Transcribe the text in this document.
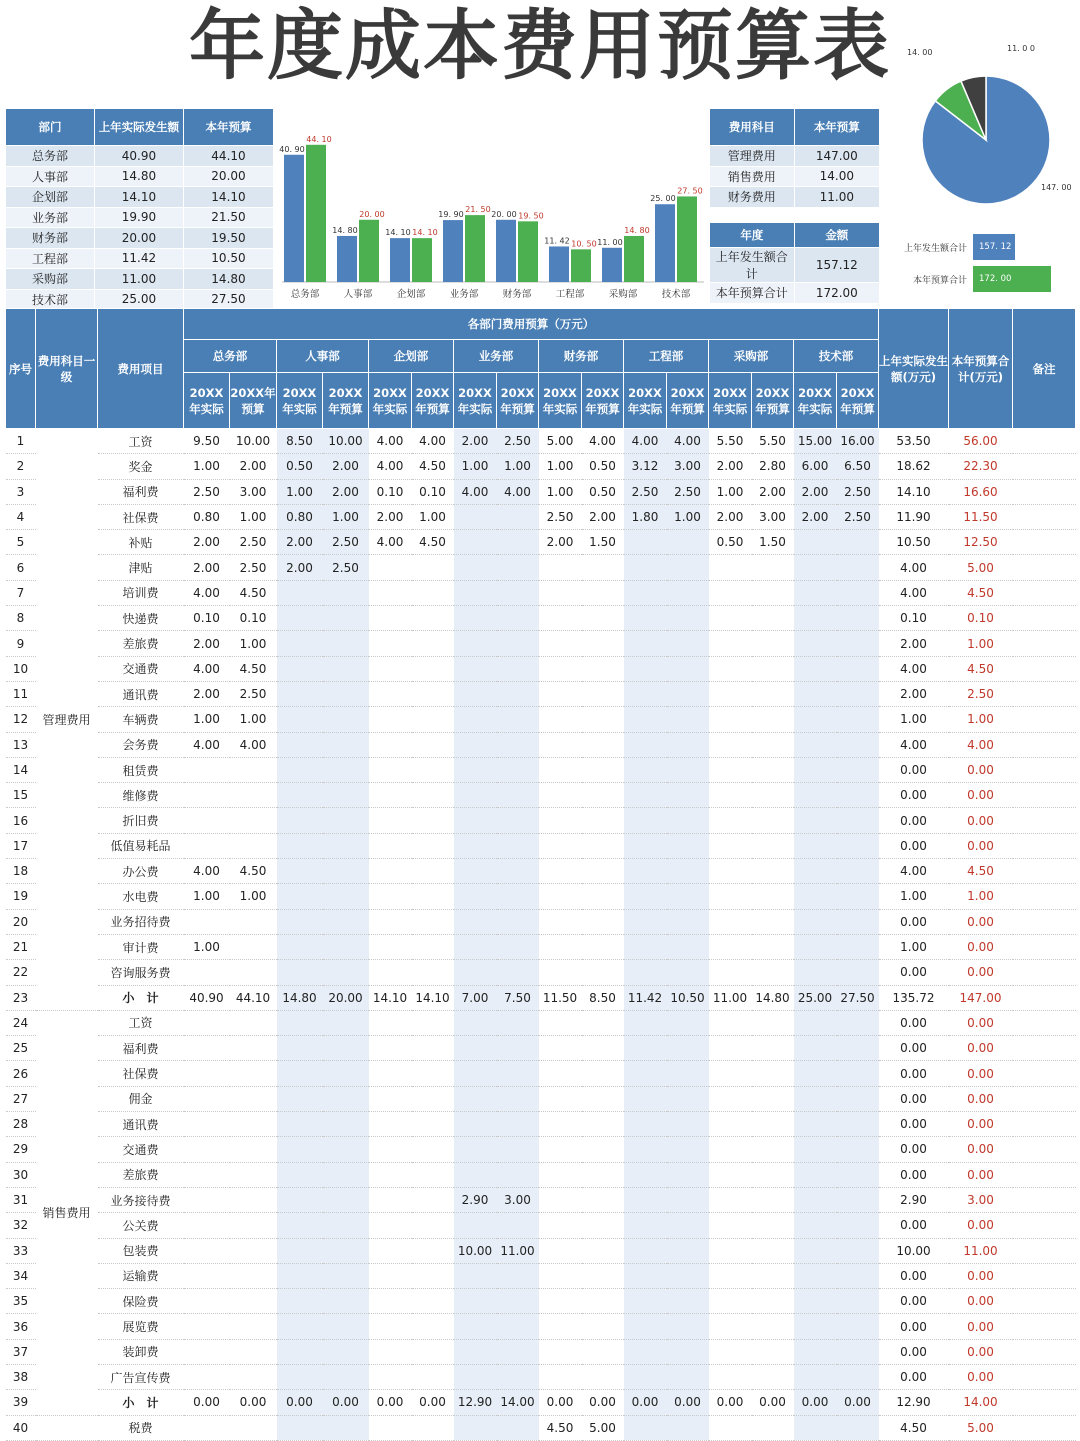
年度成本费用预算表
部门	上年实际发生额	本年预算
总务部	40.90	44.10
人事部	14.80	20.00
企划部	14.10	14.10
业务部	19.90	21.50
财务部	20.00	19.50
工程部	11.42	10.50
采购部	11.00	14.80
技术部	25.00	27.50
40. 90
44. 10
总务部
14. 80
20. 00
人事部
14. 10 14. 10
企划部
19. 90
21. 50
业务部
20. 00 19. 50
财务部
11. 42 10. 50
工程部
11. 00
14. 80
采购部
25. 00
27. 50
技术部
费用科目	本年预算
管理费用	147.00
销售费用	14.00
财务费用	11.00
年度	金额
上年发生额合计	157.12
本年预算合计	172.00
147. 00
14. 00	11. 0 0
上年发生额合计	157. 12
本年预算合计	172. 00
序号	费用科目一级	费用项目	各部门费用预算（万元）																上年实际发生额(万元)	本年预算合计(万元)	备注
			总务部		人事部		企划部		业务部		财务部		工程部		采购部		技术部				
			20XX年实际	20XX年预算	20XX年实际	20XX年预算	20XX年实际	20XX年预算	20XX年实际	20XX年预算	20XX年实际	20XX年预算	20XX年实际	20XX年预算	20XX年实际	20XX年预算	20XX年实际	20XX年预算			
1	管理费用	工资	9.50	10.00	8.50	10.00	4.00	4.00	2.00	2.50	5.00	4.00	4.00	4.00	5.50	5.50	15.00	16.00	53.50	56.00	
2		奖金	1.00	2.00	0.50	2.00	4.00	4.50	1.00	1.00	1.00	0.50	3.12	3.00	2.00	2.80	6.00	6.50	18.62	22.30	
3		福利费	2.50	3.00	1.00	2.00	0.10	0.10	4.00	4.00	1.00	0.50	2.50	2.50	1.00	2.00	2.00	2.50	14.10	16.60	
4		社保费	0.80	1.00	0.80	1.00	2.00	1.00			2.50	2.00	1.80	1.00	2.00	3.00	2.00	2.50	11.90	11.50	
5		补贴	2.00	2.50	2.00	2.50	4.00	4.50			2.00	1.50			0.50	1.50			10.50	12.50	
6		津贴	2.00	2.50	2.00	2.50													4.00	5.00	
7		培训费	4.00	4.50															4.00	4.50	
8		快递费	0.10	0.10															0.10	0.10	
9		差旅费	2.00	1.00															2.00	1.00	
10		交通费	4.00	4.50															4.00	4.50	
11		通讯费	2.00	2.50															2.00	2.50	
12		车辆费	1.00	1.00															1.00	1.00	
13		会务费	4.00	4.00															4.00	4.00	
14		租赁费																	0.00	0.00	
15		维修费																	0.00	0.00	
16		折旧费																	0.00	0.00	
17		低值易耗品																	0.00	0.00	
18		办公费	4.00	4.50															4.00	4.50	
19		水电费	1.00	1.00															1.00	1.00	
20		业务招待费																	0.00	0.00	
21		审计费	1.00																1.00	0.00	
22		咨询服务费																	0.00	0.00	
23		小　计	40.90	44.10	14.80	20.00	14.10	14.10	7.00	7.50	11.50	8.50	11.42	10.50	11.00	14.80	25.00	27.50	135.72	147.00	
24	销售费用	工资																	0.00	0.00	
25		福利费																	0.00	0.00	
26		社保费																	0.00	0.00	
27		佣金																	0.00	0.00	
28		通讯费																	0.00	0.00	
29		交通费																	0.00	0.00	
30		差旅费																	0.00	0.00	
31		业务接待费							2.90	3.00									2.90	3.00	
32		公关费																	0.00	0.00	
33		包装费							10.00	11.00									10.00	11.00	
34		运输费																	0.00	0.00	
35		保险费																	0.00	0.00	
36		展览费																	0.00	0.00	
37		装卸费																	0.00	0.00	
38		广告宣传费																	0.00	0.00	
39		小　计	0.00	0.00	0.00	0.00	0.00	0.00	12.90	14.00	0.00	0.00	0.00	0.00	0.00	0.00	0.00	0.00	12.90	14.00	
40		税费									4.50	5.00							4.50	5.00	
